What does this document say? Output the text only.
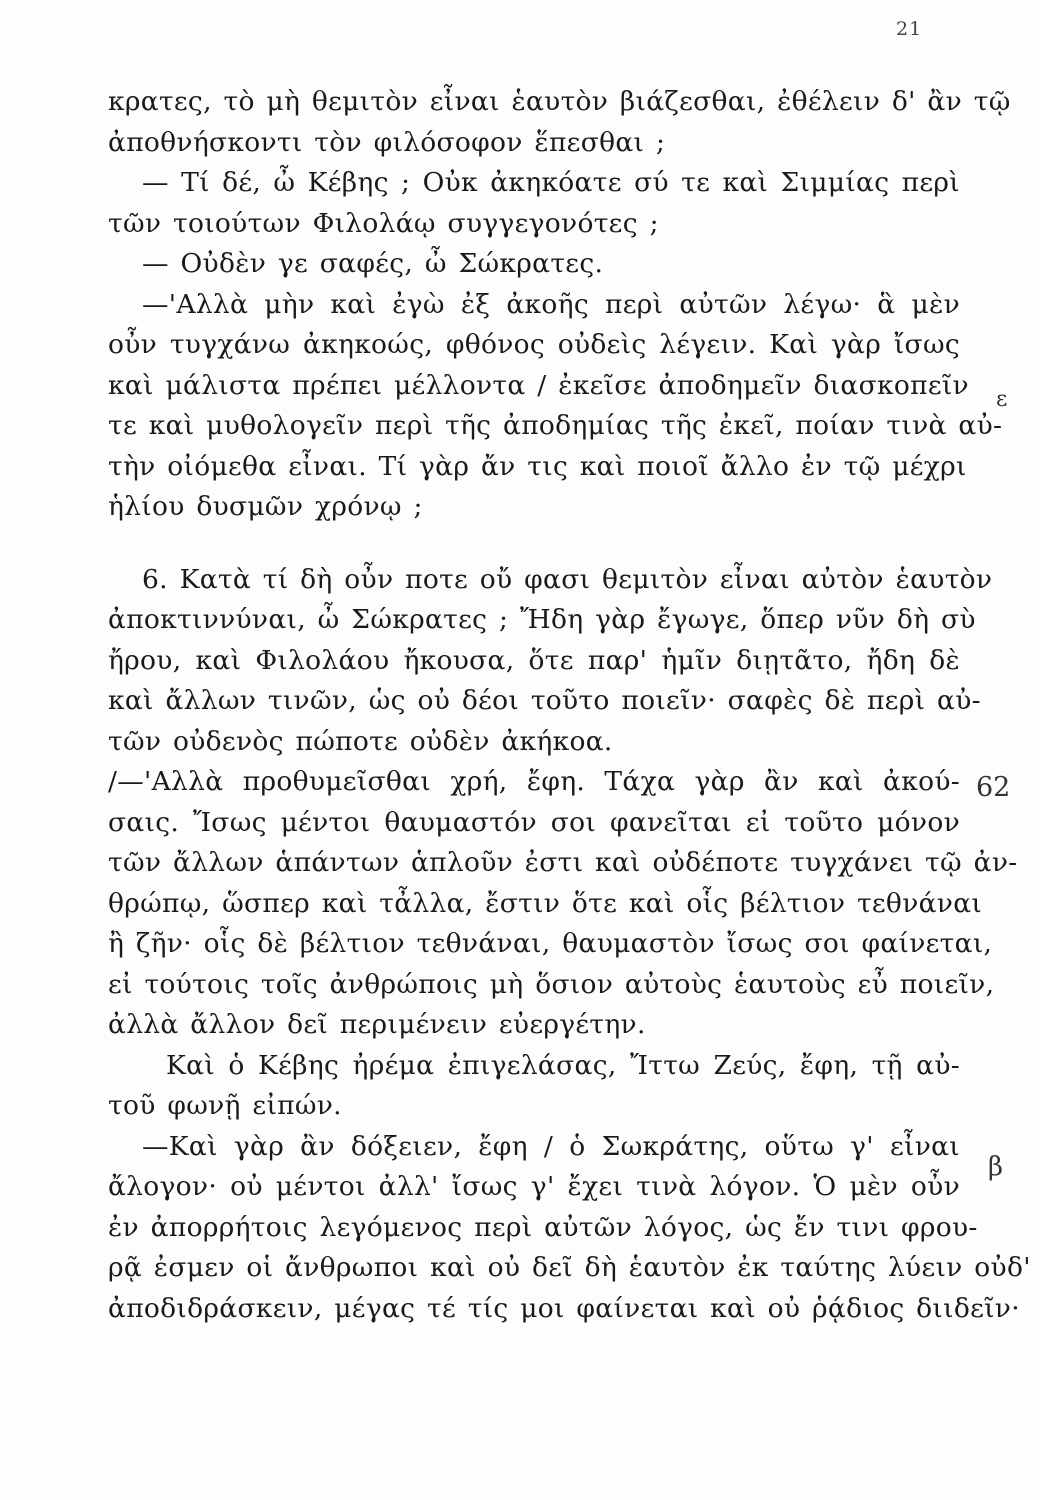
21
κρατες, τὸ μὴ θεμιτὸν εἶναι ἑαυτὸν βιάζεσθαι, ἐθέλειν δ' ἂν τῷ
ἀποθνήσκοντι τὸν φιλόσοφον ἕπεσθαι ;
— Τί δέ, ὦ Κέβης ; Οὐκ ἀκηκόατε σύ τε καὶ Σιμμίας περὶ
τῶν τοιούτων Φιλολάῳ συγγεγονότες ;
— Οὐδὲν γε σαφές, ὦ Σώκρατες.
—'Αλλὰ μὴν καὶ ἐγὼ ἐξ ἀκοῆς περὶ αὐτῶν λέγω· ἃ μὲν
οὖν τυγχάνω ἀκηκοώς, φθόνος οὐδεὶς λέγειν. Καὶ γὰρ ἴσως
καὶ μάλιστα πρέπει μέλλοντα / ἐκεῖσε ἀποδημεῖν διασκοπεῖν
τε καὶ μυθολογεῖν περὶ τῆς ἀποδημίας τῆς ἐκεῖ, ποίαν τινὰ αὐ-
τὴν οἰόμεθα εἶναι. Τί γὰρ ἄν τις καὶ ποιοῖ ἄλλο ἐν τῷ μέχρι
ἡλίου δυσμῶν χρόνῳ ;
6. Κατὰ τί δὴ οὖν ποτε οὔ φασι θεμιτὸν εἶναι αὐτὸν ἑαυτὸν
ἀποκτιννύναι, ὦ Σώκρατες ; Ἤδη γὰρ ἔγωγε, ὅπερ νῦν δὴ σὺ
ἤρου, καὶ Φιλολάου ἤκουσα, ὅτε παρ' ἡμῖν διῃτᾶτο, ἤδη δὲ
καὶ ἄλλων τινῶν, ὡς οὐ δέοι τοῦτο ποιεῖν· σαφὲς δὲ περὶ αὐ-
τῶν οὐδενὸς πώποτε οὐδὲν ἀκήκοα.
/—'Αλλὰ προθυμεῖσθαι χρή, ἔφη. Τάχα γὰρ ἂν καὶ ἀκού-
σαις. Ἴσως μέντοι θαυμαστόν σοι φανεῖται εἰ τοῦτο μόνον
τῶν ἄλλων ἁπάντων ἁπλοῦν ἐστι καὶ οὐδέποτε τυγχάνει τῷ ἀν-
θρώπῳ, ὥσπερ καὶ τἆλλα, ἔστιν ὅτε καὶ οἷς βέλτιον τεθνάναι
ἢ ζῆν· οἷς δὲ βέλτιον τεθνάναι, θαυμαστὸν ἴσως σοι φαίνεται,
εἰ τούτοις τοῖς ἀνθρώποις μὴ ὅσιον αὐτοὺς ἑαυτοὺς εὖ ποιεῖν,
ἀλλὰ ἄλλον δεῖ περιμένειν εὐεργέτην.
Καὶ ὁ Κέβης ἠρέμα ἐπιγελάσας, Ἴττω Ζεύς, ἔφη, τῇ αὐ-
τοῦ φωνῇ εἰπών.
—Καὶ γὰρ ἂν δόξειεν, ἔφη / ὁ Σωκράτης, οὕτω γ' εἶναι
ἄλογον· οὐ μέντοι ἀλλ' ἴσως γ' ἔχει τινὰ λόγον. Ὁ μὲν οὖν
ἐν ἀπορρήτοις λεγόμενος περὶ αὐτῶν λόγος, ὡς ἔν τινι φρου-
ρᾷ ἐσμεν οἱ ἄνθρωποι καὶ οὐ δεῖ δὴ ἑαυτὸν ἐκ ταύτης λύειν οὐδ'
ἀποδιδράσκειν, μέγας τέ τίς μοι φαίνεται καὶ οὐ ῥᾴδιος διιδεῖν·
ε
62
β
